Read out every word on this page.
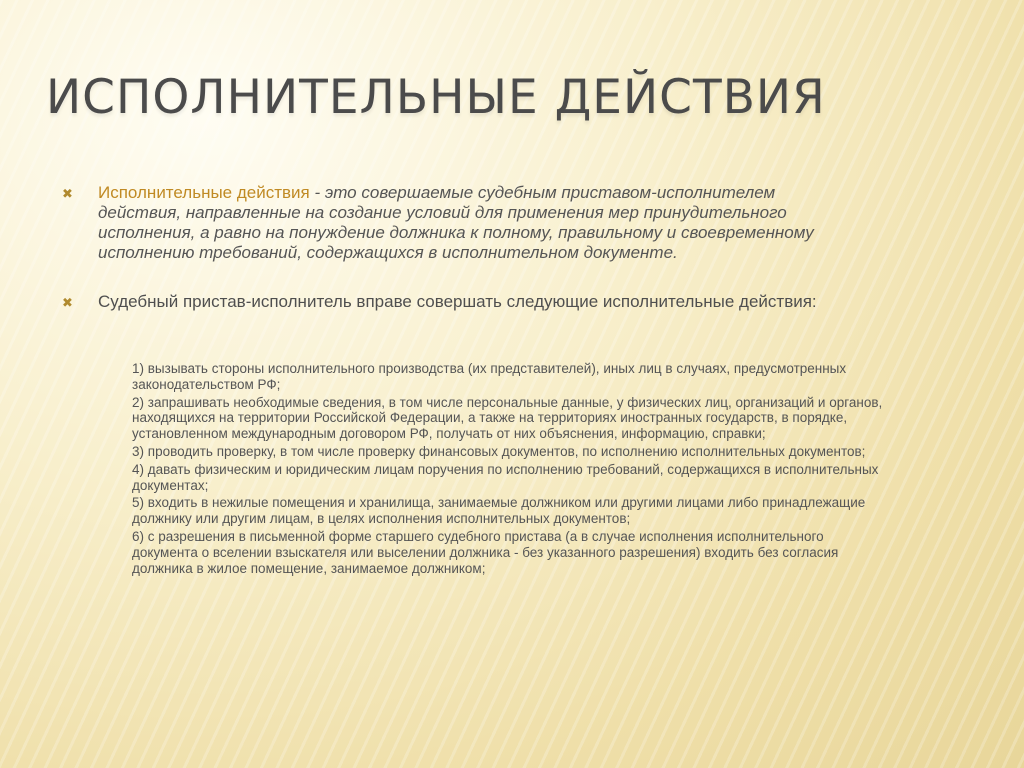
ИСПОЛНИТЕЛЬНЫЕ ДЕЙСТВИЯ
✖ Исполнительные действия - это совершаемые судебным приставом-исполнителем действия, направленные на создание условий для применения мер принудительного исполнения, а равно на понуждение должника к полному, правильному и своевременному исполнению требований, содержащихся в исполнительном документе.
✖ Судебный пристав-исполнитель вправе совершать следующие исполнительные действия:

1) вызывать стороны исполнительного производства (их представителей), иных лиц в случаях, предусмотренных законодательством РФ;

2) запрашивать необходимые сведения, в том числе персональные данные, у физических лиц, организаций и органов, находящихся на территории Российской Федерации, а также на территориях иностранных государств, в порядке, установленном международным договором РФ, получать от них объяснения, информацию, справки;

3) проводить проверку, в том числе проверку финансовых документов, по исполнению исполнительных документов;

4) давать физическим и юридическим лицам поручения по исполнению требований, содержащихся в исполнительных документах;

5) входить в нежилые помещения и хранилища, занимаемые должником или другими лицами либо принадлежащие должнику или другим лицам, в целях исполнения исполнительных документов;

6) с разрешения в письменной форме старшего судебного пристава (а в случае исполнения исполнительного документа о вселении взыскателя или выселении должника - без указанного разрешения) входить без согласия должника в жилое помещение, занимаемое должником;
